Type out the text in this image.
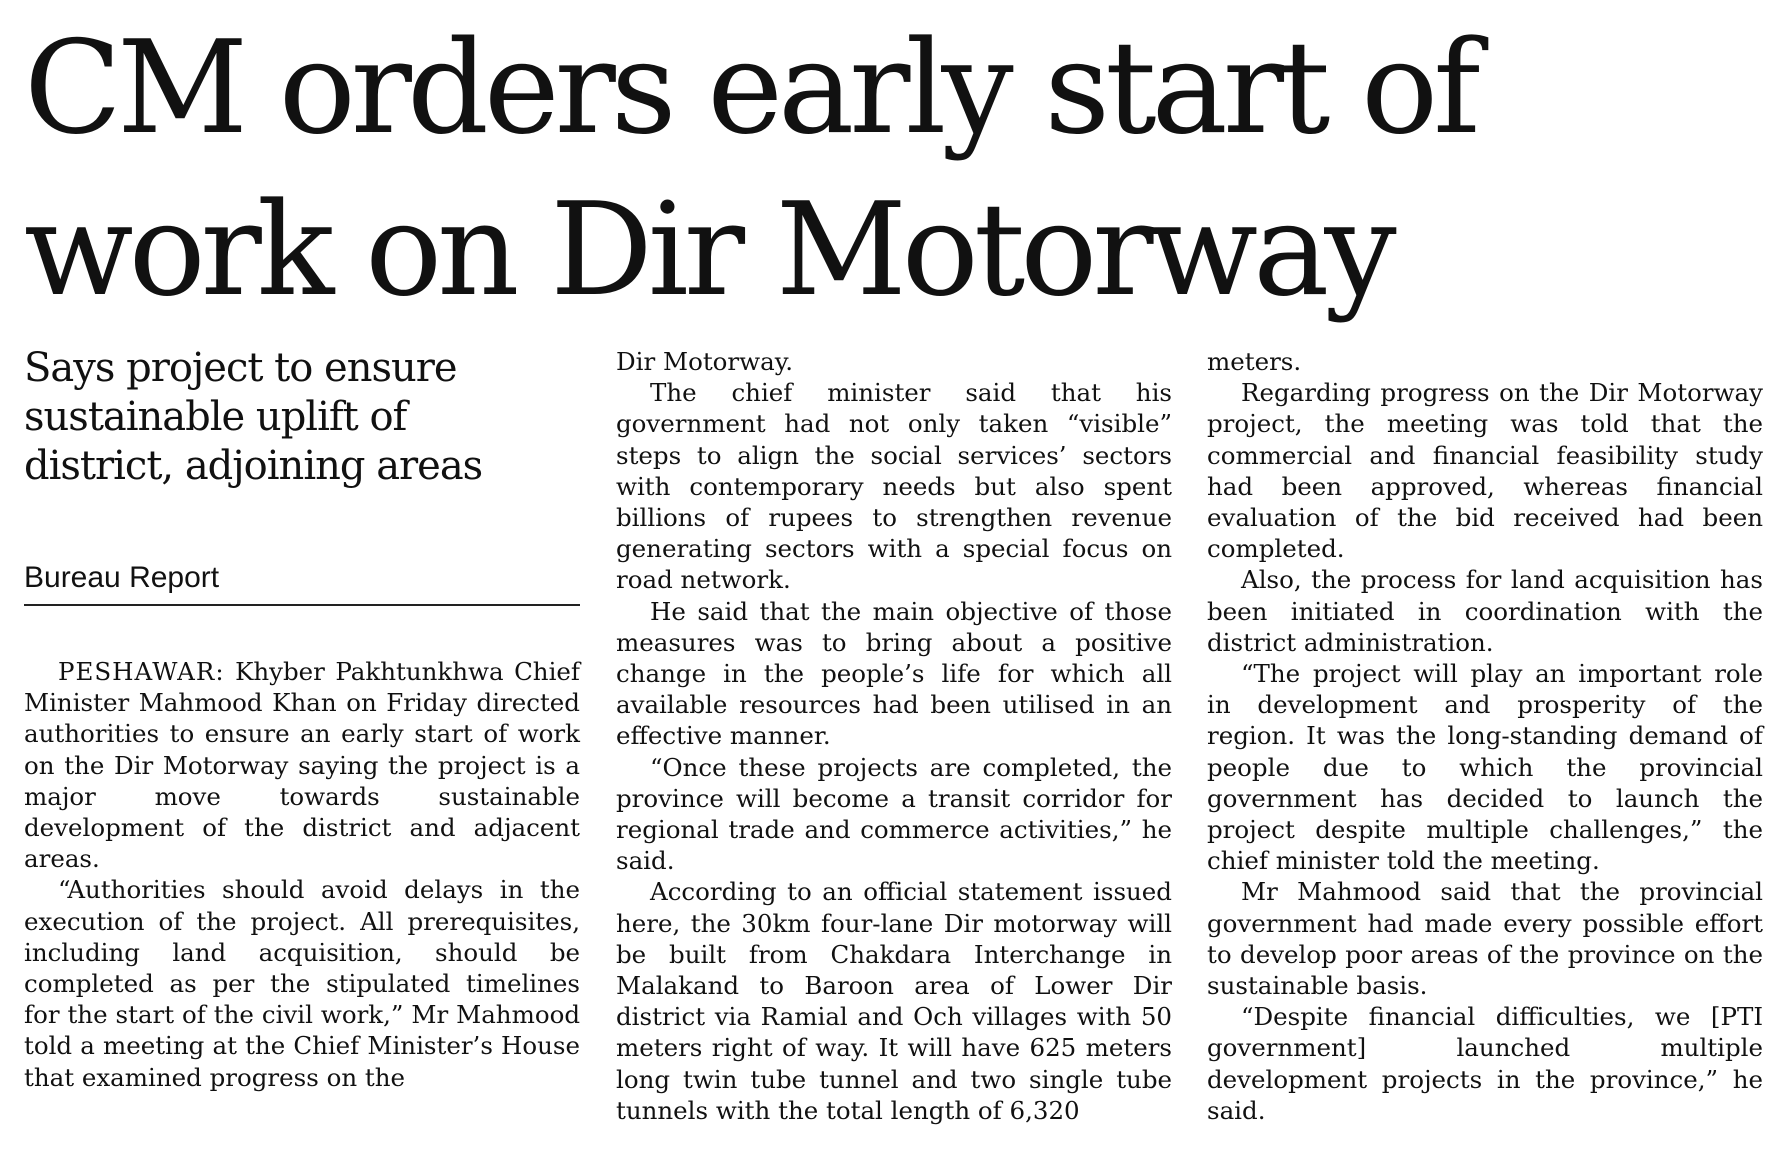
CM orders early start of
work on Dir Motorway
Says project to ensure
sustainable uplift of
district, adjoining areas
Bureau Report

PESHAWAR: Khyber Pakhtunkhwa Chief Minister Mahmood Khan on Friday directed authorities to ensure an early start of work on the Dir Motorway saying the project is a major move towards sustainable development of the district and adjacent areas.

“Authorities should avoid delays in the execution of the project. All prerequisites, including land acquisition, should be completed as per the stipulated timelines for the start of the civil work,” Mr Mahmood told a meeting at the Chief Minister’s House that examined progress on the

Dir Motorway.

The chief minister said that his government had not only taken “visible” steps to align the social services’ sectors with contemporary needs but also spent billions of rupees to strengthen revenue generating sectors with a special focus on road network.

He said that the main objective of those measures was to bring about a positive change in the people’s life for which all available resources had been utilised in an effective manner.

“Once these projects are completed, the province will become a transit corridor for regional trade and commerce activities,” he said.

According to an official statement issued here, the 30km four-lane Dir motorway will be built from Chakdara Interchange in Malakand to Baroon area of Lower Dir district via Ramial and Och villages with 50 meters right of way. It will have 625 meters long twin tube tunnel and two single tube tunnels with the total length of 6,320

meters.

Regarding progress on the Dir Motorway project, the meeting was told that the commercial and financial feasibility study had been approved, whereas financial evaluation of the bid received had been completed.

Also, the process for land acquisition has been initiated in coordination with the district administration.

“The project will play an important role in development and prosperity of the region. It was the long-standing demand of people due to which the provincial government has decided to launch the project despite multiple challenges,” the chief minister told the meeting.

Mr Mahmood said that the provincial government had made every possible effort to develop poor areas of the province on the sustainable basis.

“Despite financial difficulties, we [PTI government] launched multiple development projects in the province,” he said.
